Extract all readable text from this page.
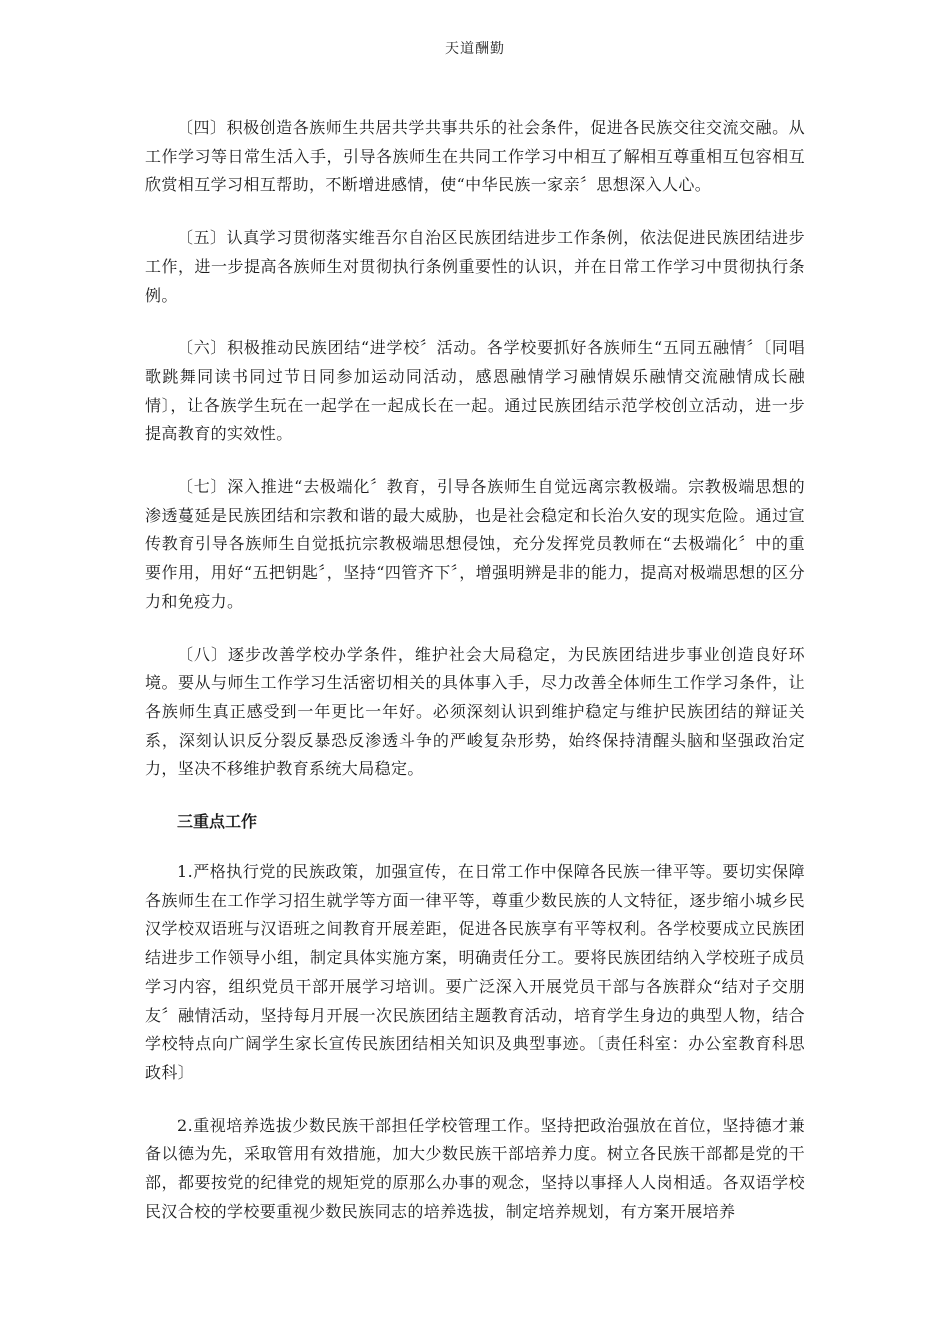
天道酬勤

〔四〕积极创造各族师生共居共学共事共乐的社会条件，促进各民族交往交流交融。从工作学习等日常生活入手，引导各族师生在共同工作学习中相互了解相互尊重相互包容相互欣赏相互学习相互帮助，不断增进感情，使“中华民族一家亲〞思想深入人心。

〔五〕认真学习贯彻落实维吾尔自治区民族团结进步工作条例，依法促进民族团结进步工作，进一步提高各族师生对贯彻执行条例重要性的认识，并在日常工作学习中贯彻执行条例。

〔六〕积极推动民族团结“进学校〞活动。各学校要抓好各族师生“五同五融情〞〔同唱歌跳舞同读书同过节日同参加运动同活动，感恩融情学习融情娱乐融情交流融情成长融情〕，让各族学生玩在一起学在一起成长在一起。通过民族团结示范学校创立活动，进一步提高教育的实效性。

〔七〕深入推进“去极端化〞教育，引导各族师生自觉远离宗教极端。宗教极端思想的渗透蔓延是民族团结和宗教和谐的最大威胁，也是社会稳定和长治久安的现实危险。通过宣传教育引导各族师生自觉抵抗宗教极端思想侵蚀，充分发挥党员教师在“去极端化〞中的重要作用，用好“五把钥匙〞，坚持“四管齐下〞，增强明辨是非的能力，提高对极端思想的区分力和免疫力。

〔八〕逐步改善学校办学条件，维护社会大局稳定，为民族团结进步事业创造良好环境。要从与师生工作学习生活密切相关的具体事入手，尽力改善全体师生工作学习条件，让各族师生真正感受到一年更比一年好。必须深刻认识到维护稳定与维护民族团结的辩证关系，深刻认识反分裂反暴恐反渗透斗争的严峻复杂形势，始终保持清醒头脑和坚强政治定力，坚决不移维护教育系统大局稳定。

三重点工作

1.严格执行党的民族政策，加强宣传，在日常工作中保障各民族一律平等。要切实保障各族师生在工作学习招生就学等方面一律平等，尊重少数民族的人文特征，逐步缩小城乡民汉学校双语班与汉语班之间教育开展差距，促进各民族享有平等权利。各学校要成立民族团结进步工作领导小组，制定具体实施方案，明确责任分工。要将民族团结纳入学校班子成员学习内容，组织党员干部开展学习培训。要广泛深入开展党员干部与各族群众“结对子交朋友〞融情活动，坚持每月开展一次民族团结主题教育活动，培育学生身边的典型人物，结合学校特点向广阔学生家长宣传民族团结相关知识及典型事迹。〔责任科室：办公室教育科思政科〕

2.重视培养选拔少数民族干部担任学校管理工作。坚持把政治强放在首位，坚持德才兼备以德为先，采取管用有效措施，加大少数民族干部培养力度。树立各民族干部都是党的干部，都要按党的纪律党的规矩党的原那么办事的观念，坚持以事择人人岗相适。各双语学校民汉合校的学校要重视少数民族同志的培养选拔，制定培养规划，有方案开展培养
